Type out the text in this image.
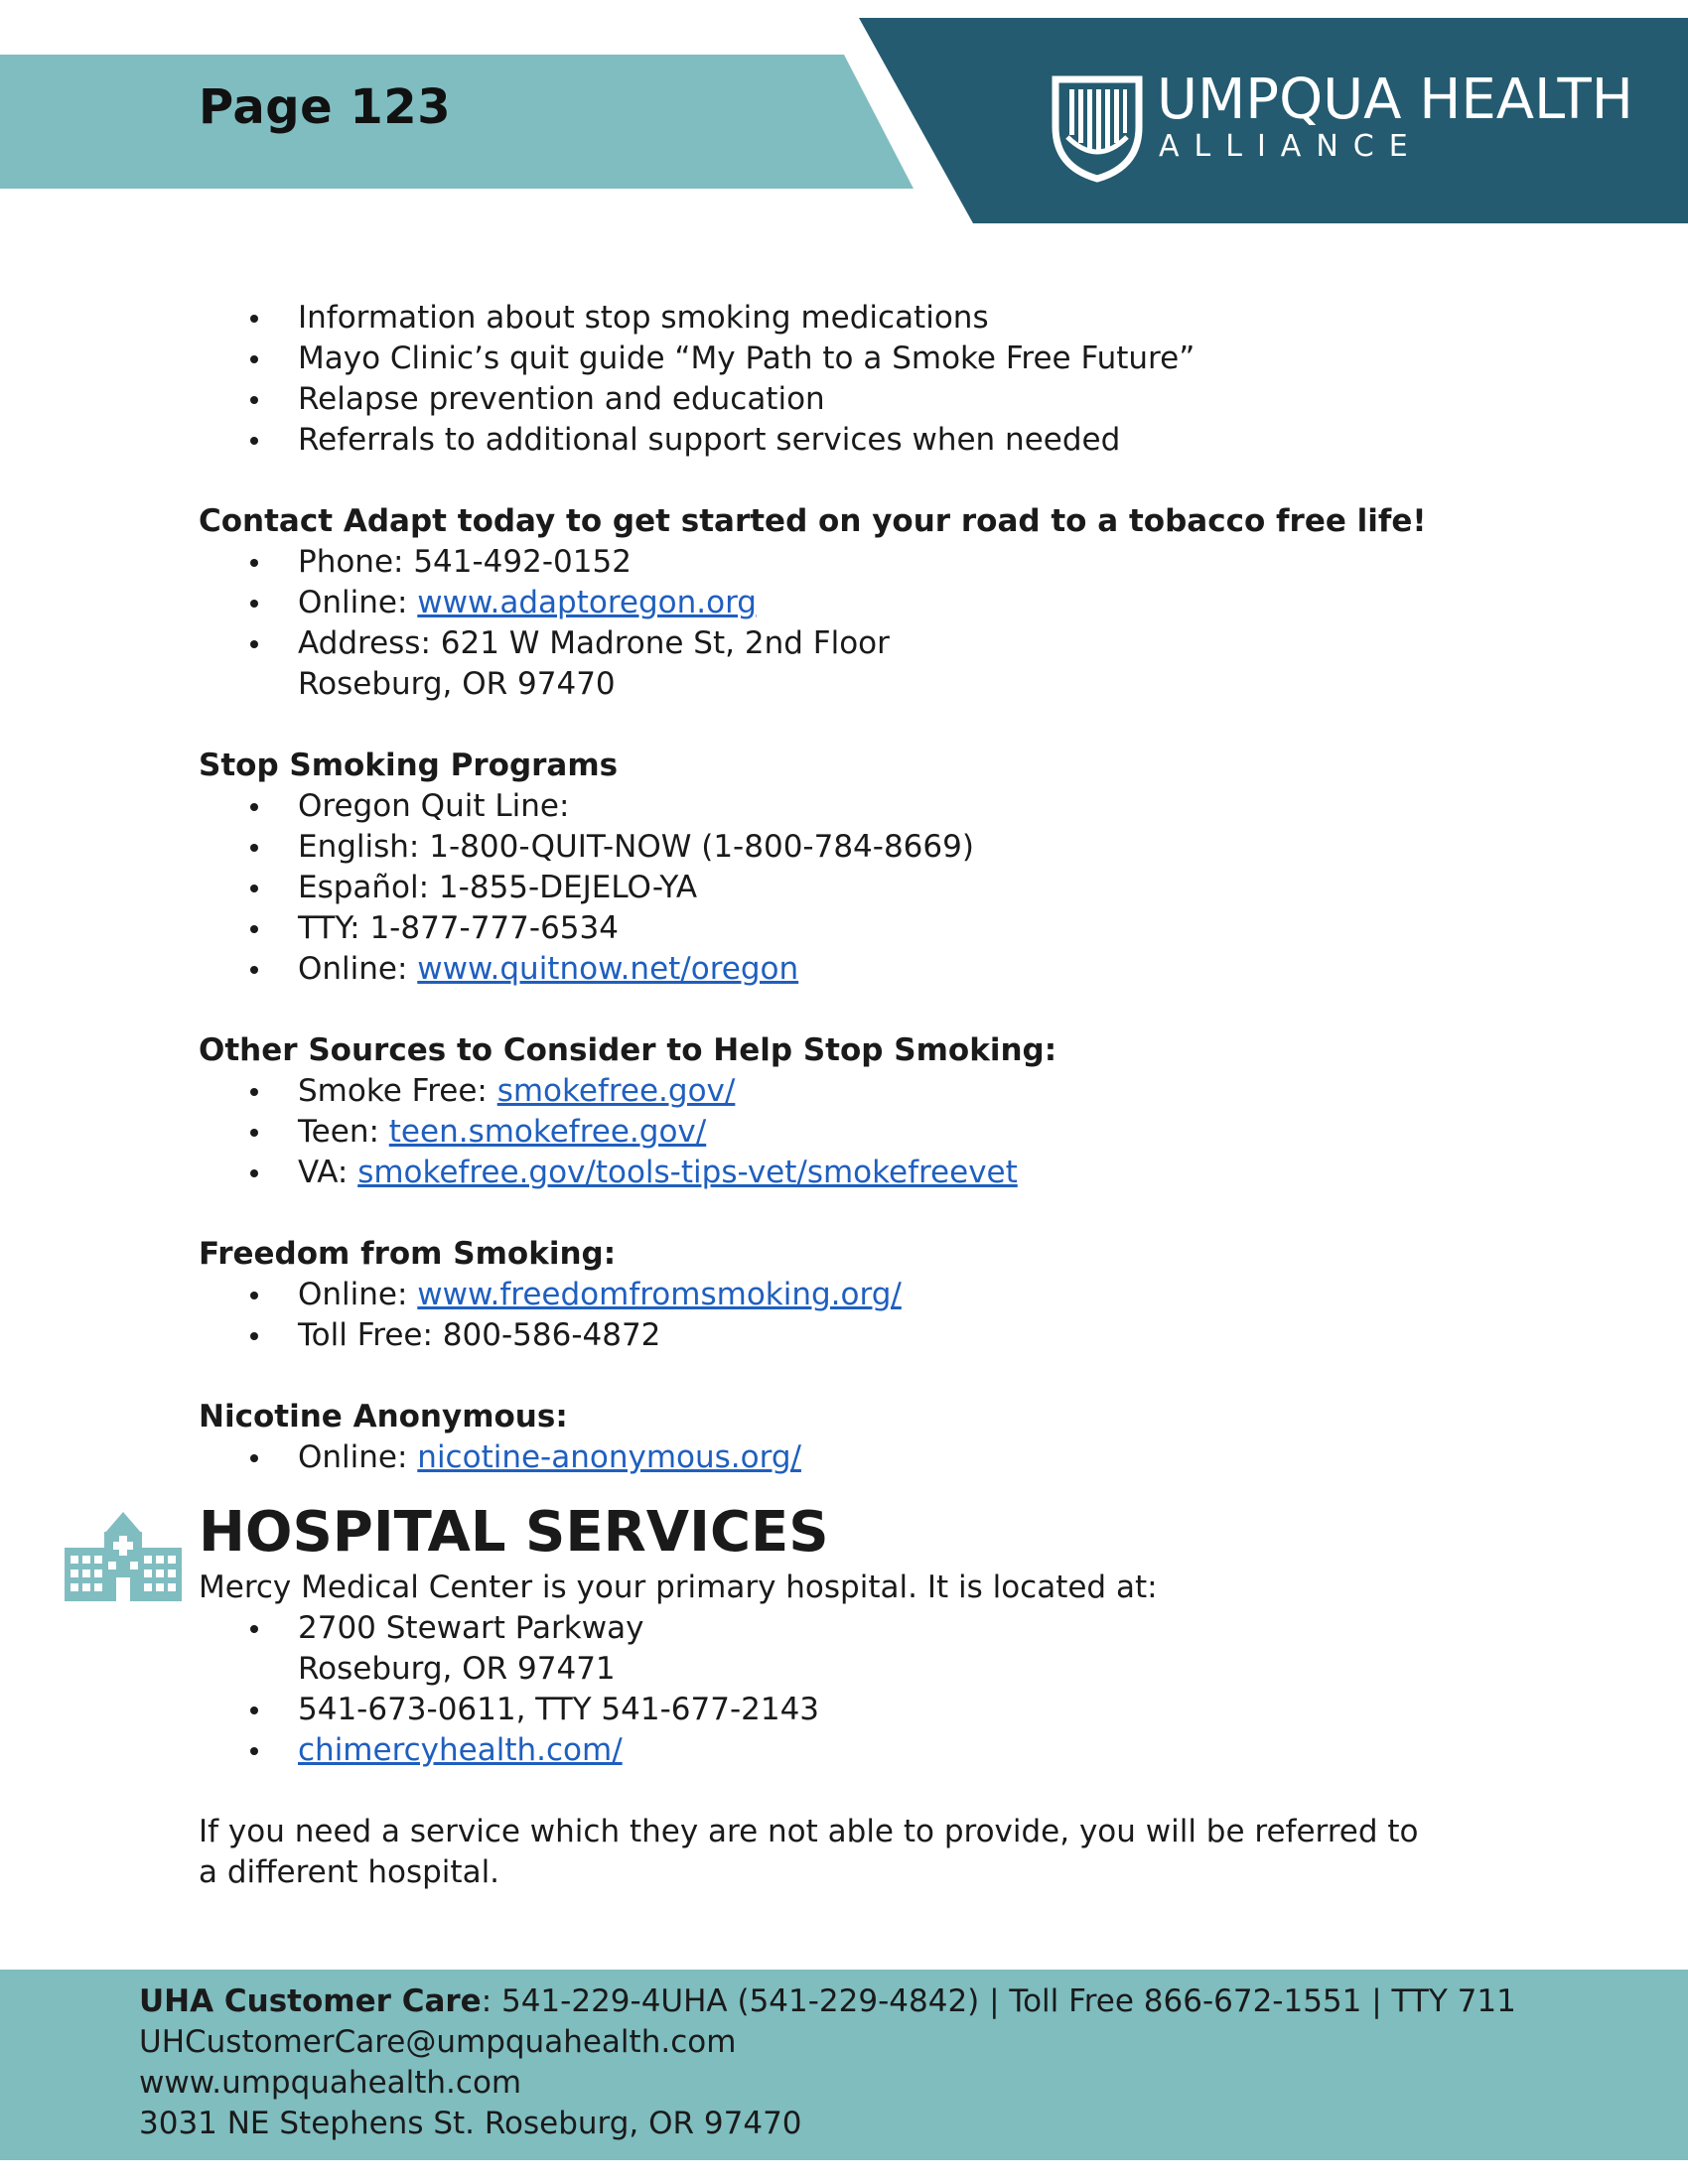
Page 123	UMPQUA HEALTH
ALLIANCE
Information about stop smoking medications
Mayo Clinic’s quit guide “My Path to a Smoke Free Future”
Relapse prevention and education
Referrals to additional support services when needed

Contact Adapt today to get started on your road to a tobacco free life!

Phone: 541-492-0152
Online: www.adaptoregon.org
Address: 621 W Madrone St, 2nd Floor
Roseburg, OR 97470

Stop Smoking Programs

Oregon Quit Line:
English: 1-800-QUIT-NOW (1-800-784-8669)
Español: 1-855-DEJELO-YA
TTY: 1-877-777-6534
Online: www.quitnow.net/oregon

Other Sources to Consider to Help Stop Smoking:

Smoke Free: smokefree.gov/
Teen: teen.smokefree.gov/
VA: smokefree.gov/tools-tips-vet/smokefreevet

Freedom from Smoking:

Online: www.freedomfromsmoking.org/
Toll Free: 800-586-4872

Nicotine Anonymous:

Online: nicotine-anonymous.org/
HOSPITAL SERVICES

Mercy Medical Center is your primary hospital. It is located at:

2700 Stewart Parkway
Roseburg, OR 97471
541-673-0611, TTY 541-677-2143
chimercyhealth.com/

If you need a service which they are not able to provide, you will be referred to

a different hospital.

UHA Customer Care: 541-229-4UHA (541-229-4842) | Toll Free 866-672-1551 | TTY 711
UHCustomerCare@umpquahealth.com
www.umpquahealth.com
3031 NE Stephens St. Roseburg, OR 97470
